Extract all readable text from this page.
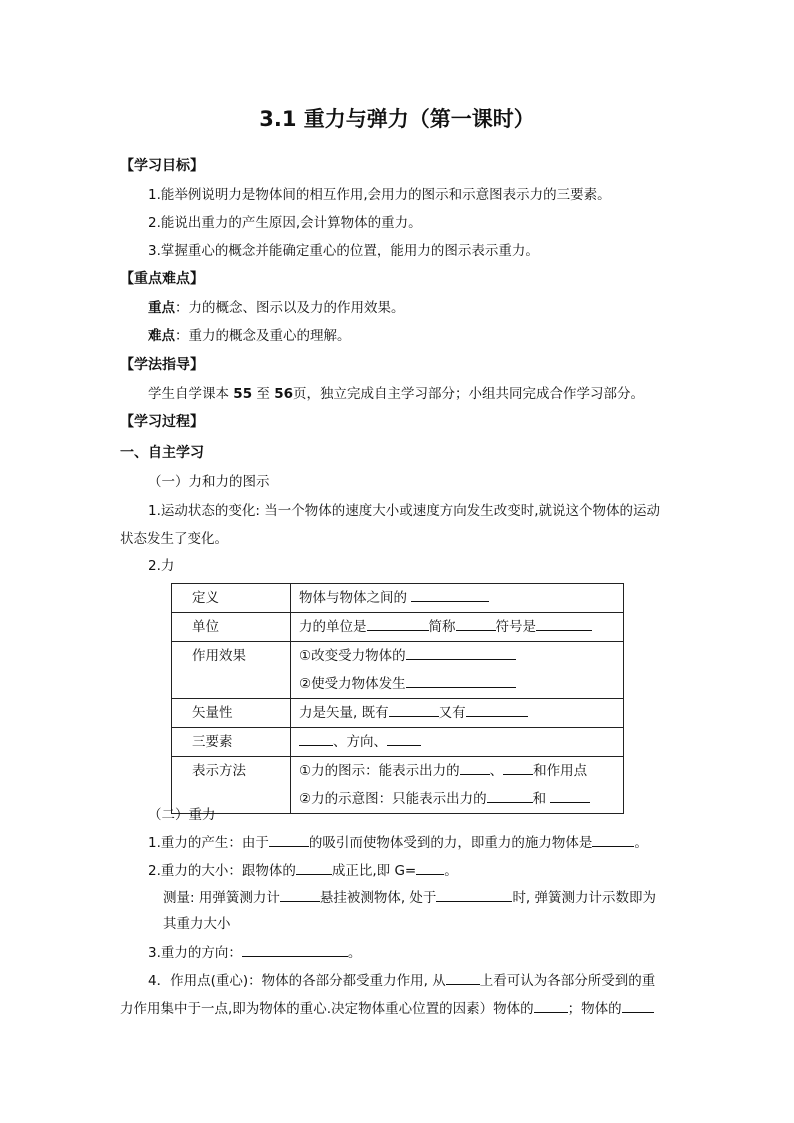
3.1 重力与弹力（第一课时）
【学习目标】
1.能举例说明力是物体间的相互作用,会用力的图示和示意图表示力的三要素。
2.能说出重力的产生原因,会计算物体的重力。
3.掌握重心的概念并能确定重心的位置，能用力的图示表示重力。
【重点难点】
重点：力的概念、图示以及力的作用效果。
难点：重力的概念及重心的理解。
【学法指导】
学生自学课本 55 至 56页，独立完成自主学习部分；小组共同完成合作学习部分。
【学习过程】
一、自主学习
（一）力和力的图示
1.运动状态的变化: 当一个物体的速度大小或速度方向发生改变时,就说这个物体的运动
状态发生了变化。
2.力
定义	物体与物体之间的
单位	力的单位是 简称 符号是
作用效果	①改变受力物体的
②使受力物体发生

矢量性	力是矢量, 既有 又有
三要素	、方向、
表示方法	①力的图示：能表示出力的 、 和作用点
②力的示意图：只能表示出力的 和
（二）重力
1.重力的产生：由于	的吸引而使物体受到的力，即重力的施力物体是	。
2.重力的大小：跟物体的	成正比,即 G= 。
测量: 用弹簧测力计	悬挂被测物体, 处于	时, 弹簧测力计示数即为
其重力大小
3.重力的方向：	。
4．作用点(重心)：物体的各部分都受重力作用, 从	上看可认为各部分所受到的重
力作用集中于一点,即为物体的重心.决定物体重心位置的因素）物体的	；物体的
